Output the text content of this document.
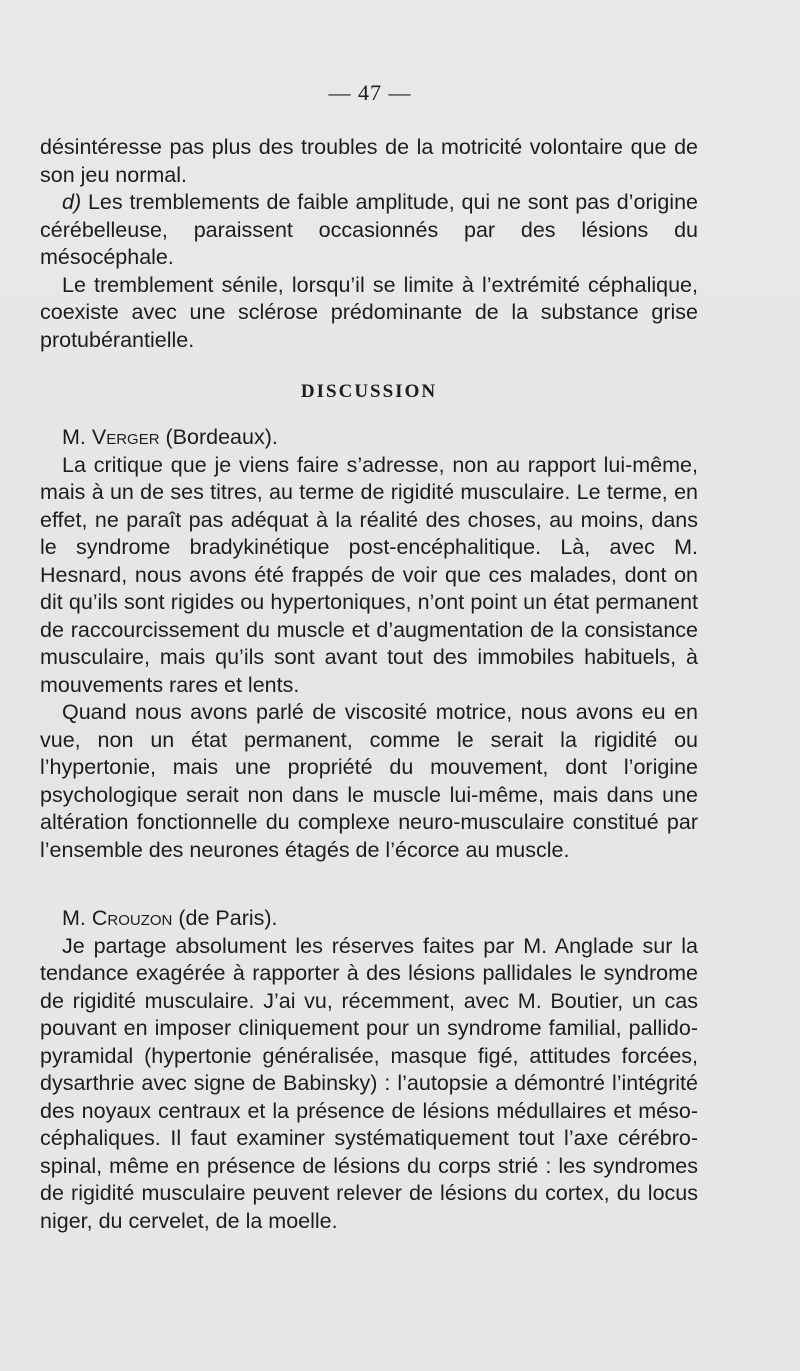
— 47 —

désintéresse pas plus des troubles de la motricité volontaire que de son jeu normal.

d) Les tremblements de faible amplitude, qui ne sont pas d’origine cérébelleuse, paraissent occasionnés par des lésions du mésocéphale.

Le tremblement sénile, lorsqu’il se limite à l’extrémité céphalique, coexiste avec une sclérose prédominante de la substance grise protubérantielle.

DISCUSSION

M. Verger (Bordeaux).

La critique que je viens faire s’adresse, non au rapport lui-même, mais à un de ses titres, au terme de rigidité musculaire. Le terme, en effet, ne paraît pas adéquat à la réalité des choses, au moins, dans le syndrome bradykinétique post-encéphalitique. Là, avec M. Hesnard, nous avons été frappés de voir que ces malades, dont on dit qu’ils sont rigides ou hypertoniques, n’ont point un état permanent de raccourcissement du muscle et d’augmentation de la consistance musculaire, mais qu’ils sont avant tout des immobiles habituels, à mouvements rares et lents.

Quand nous avons parlé de viscosité motrice, nous avons eu en vue, non un état permanent, comme le serait la rigidité ou l’hypertonie, mais une propriété du mouvement, dont l’origine psychologique serait non dans le muscle lui-même, mais dans une altération fonctionnelle du complexe neuro-musculaire constitué par l’ensemble des neurones étagés de l’écorce au muscle.

M. Crouzon (de Paris).

Je partage absolument les réserves faites par M. Anglade sur la tendance exagérée à rapporter à des lésions pallidales le syndrome de rigidité musculaire. J’ai vu, récemment, avec M. Boutier, un cas pouvant en imposer cliniquement pour un syndrome familial, pallido-pyramidal (hypertonie généralisée, masque figé, attitudes forcées, dysarthrie avec signe de Babinsky) : l’autopsie a démontré l’intégrité des noyaux centraux et la présence de lésions médullaires et méso-céphaliques. Il faut examiner systématiquement tout l’axe cérébro-spinal, même en présence de lésions du corps strié : les syndromes de rigidité musculaire peuvent relever de lésions du cortex, du locus niger, du cervelet, de la moelle.
